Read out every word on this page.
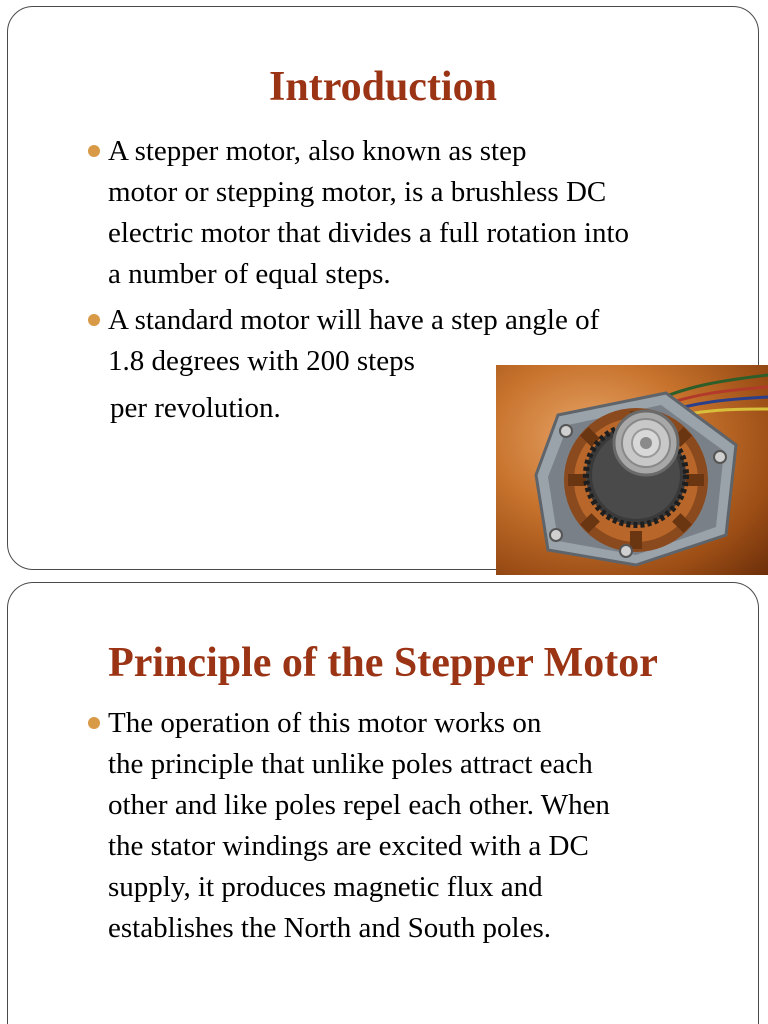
Introduction
A stepper motor, also known as step
motor or stepping motor, is a brushless DC
electric motor that divides a full rotation into
a number of equal steps.
A standard motor will have a step angle of
1.8 degrees with 200 steps
per revolution.
Principle of the Stepper Motor
The operation of this motor works on
the principle that unlike poles attract each
other and like poles repel each other. When
the stator windings are excited with a DC
supply, it produces magnetic flux and
establishes the North and South poles.
